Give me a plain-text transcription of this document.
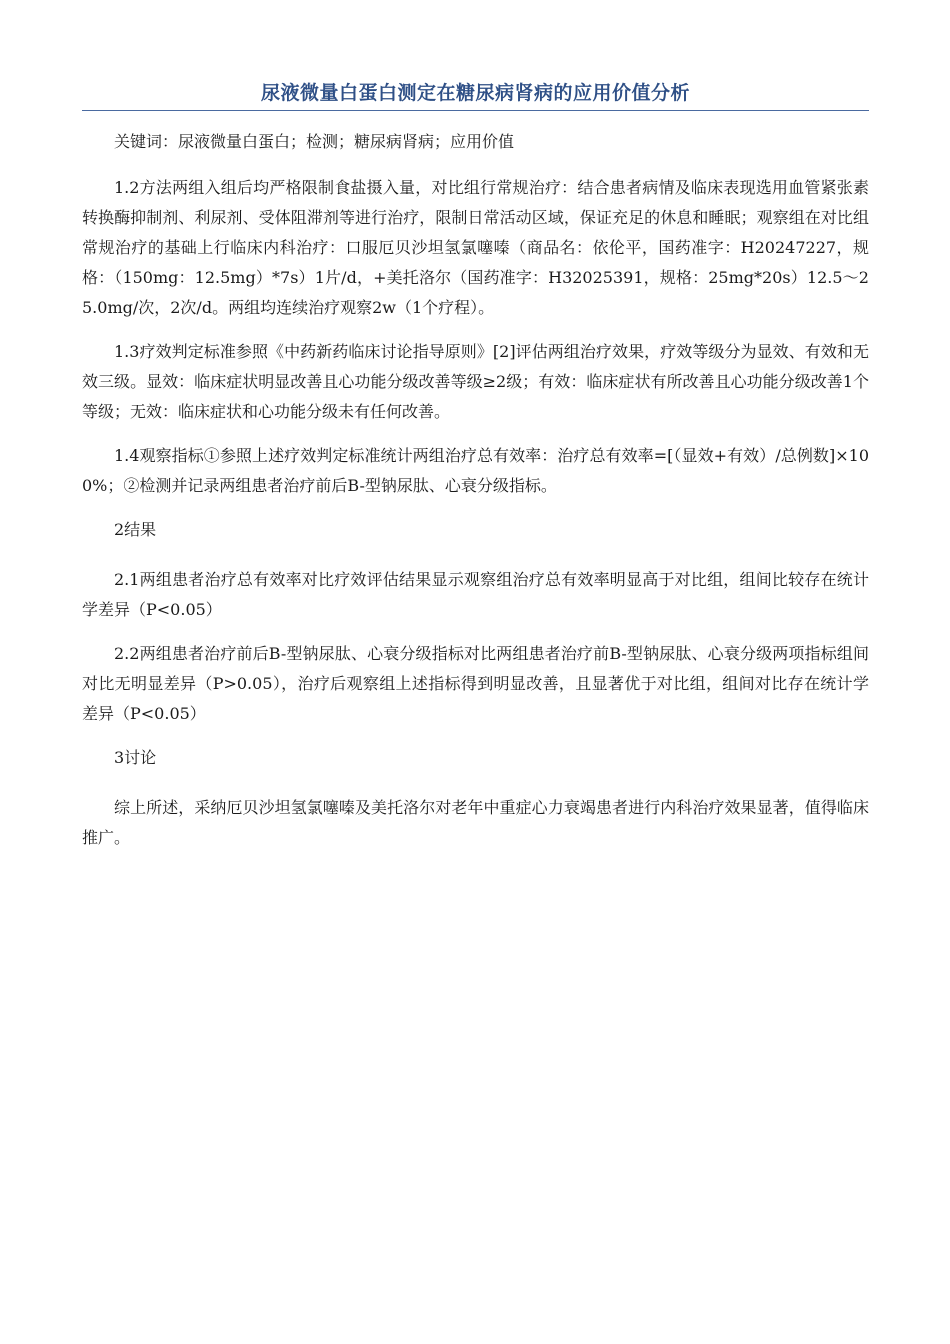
尿液微量白蛋白测定在糖尿病肾病的应用价值分析

关键词：尿液微量白蛋白；检测；糖尿病肾病；应用价值

1.2方法两组入组后均严格限制食盐摄入量，对比组行常规治疗：结合患者病情及临床表现选用血管紧张素转换酶抑制剂、利尿剂、受体阻滞剂等进行治疗，限制日常活动区域，保证充足的休息和睡眠；观察组在对比组常规治疗的基础上行临床内科治疗：口服厄贝沙坦氢氯噻嗪（商品名：依伦平，国药准字：H20247227，规格：（150mg：12.5mg）*7s）1片/d，+美托洛尔（国药准字：H32025391，规格：25mg*20s）12.5～25.0mg/次，2次/d。两组均连续治疗观察2w（1个疗程）。

1.3疗效判定标准参照《中药新药临床讨论指导原则》[2]评估两组治疗效果，疗效等级分为显效、有效和无效三级。显效：临床症状明显改善且心功能分级改善等级≥2级；有效：临床症状有所改善且心功能分级改善1个等级；无效：临床症状和心功能分级未有任何改善。

1.4观察指标①参照上述疗效判定标准统计两组治疗总有效率：治疗总有效率=[（显效+有效）/总例数]×100%；②检测并记录两组患者治疗前后B-型钠尿肽、心衰分级指标。

2结果

2.1两组患者治疗总有效率对比疗效评估结果显示观察组治疗总有效率明显高于对比组，组间比较存在统计学差异（P<0.05）

2.2两组患者治疗前后B-型钠尿肽、心衰分级指标对比两组患者治疗前B-型钠尿肽、心衰分级两项指标组间对比无明显差异（P>0.05），治疗后观察组上述指标得到明显改善，且显著优于对比组，组间对比存在统计学差异（P<0.05）

3讨论

综上所述，采纳厄贝沙坦氢氯噻嗪及美托洛尔对老年中重症心力衰竭患者进行内科治疗效果显著，值得临床推广。
